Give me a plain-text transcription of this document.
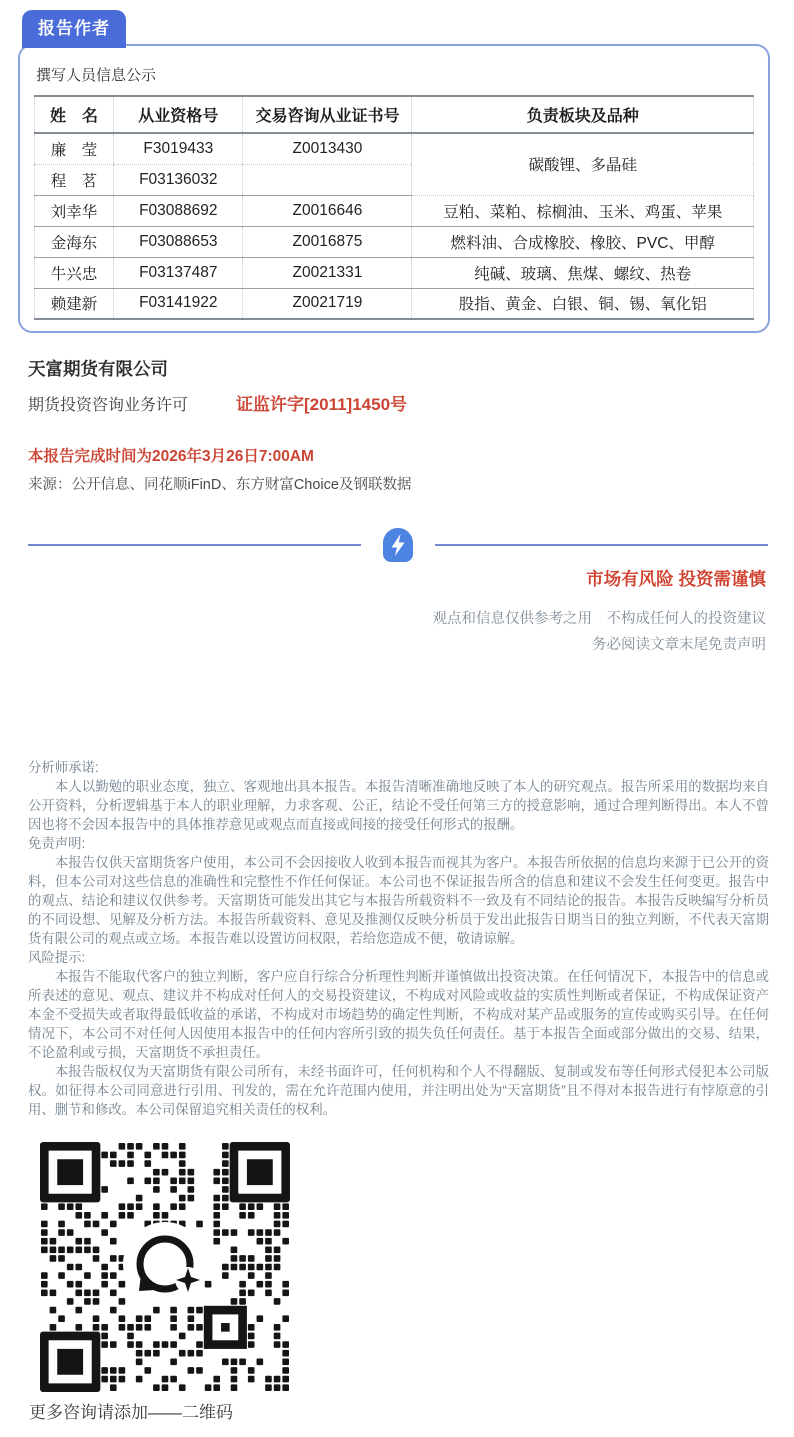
报告作者
撰写人员信息公示
姓　名	从业资格号	交易咨询从业证书号	负责板块及品种
廉　莹	F3019433	Z0013430	碳酸锂、多晶硅
程　茗	F03136032		
刘幸华	F03088692	Z0016646	豆粕、菜粕、棕榈油、玉米、鸡蛋、苹果
金海东	F03088653	Z0016875	燃料油、合成橡胶、橡胶、PVC、甲醇
牛兴忠	F03137487	Z0021331	纯碱、玻璃、焦煤、螺纹、热卷
赖建新	F03141922	Z0021719	股指、黄金、白银、铜、锡、氧化铝
天富期货有限公司
期货投资咨询业务许可	证监许字[2011]1450号
本报告完成时间为2026年3月26日7:00AM
来源：公开信息、同花顺iFinD、东方财富Choice及钢联数据
市场有风险 投资需谨慎
观点和信息仅供参考之用　不构成任何人的投资建议
务必阅读文章末尾免责声明
分析师承诺:

本人以勤勉的职业态度，独立、客观地出具本报告。本报告清晰准确地反映了本人的研究观点。报告所采用的数据均来自公开资料，分析逻辑基于本人的职业理解，力求客观、公正，结论不受任何第三方的授意影响，通过合理判断得出。本人不曾因也将不会因本报告中的具体推荐意见或观点而直接或间接的接受任何形式的报酬。

免责声明:

本报告仅供天富期货客户使用，本公司不会因接收人收到本报告而视其为客户。本报告所依据的信息均来源于已公开的资料，但本公司对这些信息的准确性和完整性不作任何保证。本公司也不保证报告所含的信息和建议不会发生任何变更。报告中的观点、结论和建议仅供参考。天富期货可能发出其它与本报告所载资料不一致及有不同结论的报告。本报告反映编写分析员的不同设想、见解及分析方法。本报告所载资料、意见及推测仅反映分析员于发出此报告日期当日的独立判断，不代表天富期货有限公司的观点或立场。本报告难以设置访问权限，若给您造成不便，敬请谅解。

风险提示:

本报告不能取代客户的独立判断，客户应自行综合分析理性判断并谨慎做出投资决策。在任何情况下，本报告中的信息或所表述的意见、观点、建议并不构成对任何人的交易投资建议，不构成对风险或收益的实质性判断或者保证，不构成保证资产本金不受损失或者取得最低收益的承诺，不构成对市场趋势的确定性判断，不构成对某产品或服务的宣传或购买引导。在任何情况下，本公司不对任何人因使用本报告中的任何内容所引致的损失负任何责任。基于本报告全面或部分做出的交易、结果，不论盈利或亏损，天富期货不承担责任。

本报告版权仅为天富期货有限公司所有，未经书面许可，任何机构和个人不得翻版、复制或发布等任何形式侵犯本公司版权。如征得本公司同意进行引用、刊发的，需在允许范围内使用，并注明出处为“天富期货”且不得对本报告进行有悖原意的引用、删节和修改。本公司保留追究相关责任的权利。

更多咨询请添加——二维码
